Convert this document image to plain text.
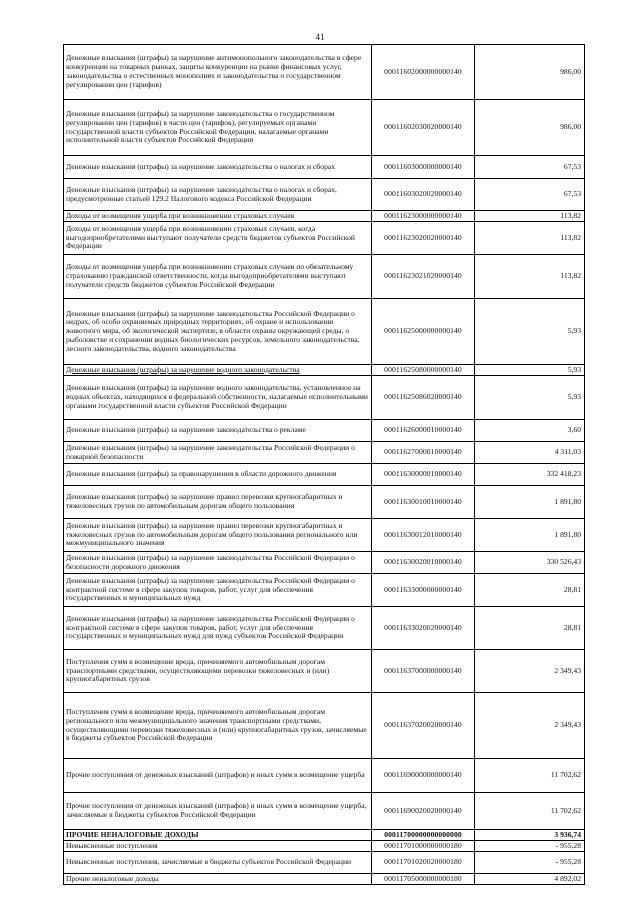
41
Денежные взыскания (штрафы) за нарушение антимонопольного законодательства в сфере конкуренции на товарных рынках, защиты конкуренции на рынке финансовых услуг, законодательства о естественных монополиях и законодательства о государственном регулировании цен (тарифов)	00011602000000000140	986,00
Денежные взыскания (штрафы) за нарушение законодательства о государственном регулировании цен (тарифов) в части цен (тарифов), регулируемых органами государственной власти субъектов Российской Федерации, налагаемые органами исполнительной власти субъектов Российской Федерации	00011602030020000140	986,00
Денежные взыскания (штрафы) за нарушение законодательства о налогах и сборах	00011603000000000140	67,53
Денежные взыскания (штрафы) за нарушение законодательства о налогах и сборах, предусмотренные статьей 129.2 Налогового кодекса Российской Федерации	00011603020020000140	67,53
Доходы от возмещения ущерба при возникновении страховых случаев	00011623000000000140	113,82
Доходы от возмещения ущерба при возникновении страховых случаев, когда выгодоприобретателями выступают получатели средств бюджетов субъектов Российской Федерации	00011623020020000140	113,82
Доходы от возмещения ущерба при возникновении страховых случаев по обязательному страхованию гражданской ответственности, когда выгодоприобретателями выступают получатели средств бюджетов субъектов Российской Федерации	00011623021020000140	113,82
Денежные взыскания (штрафы) за нарушение законодательства Российской Федерации о недрах, об особо охраняемых природных территориях, об охране и использовании животного мира, об экологической экспертизе, в области охраны окружающей среды, о рыболовстве и сохранении водных биологических ресурсов, земельного законодательства, лесного законодательства, водного законодательства	00011625000000000140	5,93
Денежные взыскания (штрафы) за нарушение водного законодательства	00011625080000000140	5,93
Денежные взыскания (штрафы) за нарушение водного законодательства, установленное на водных объектах, находящихся в федеральной собственности, налагаемые исполнительными органами государственной власти субъектов Российской Федерации	00011625086020000140	5,93
Денежные взыскания (штрафы) за нарушение законодательства о рекламе	00011626000010000140	3,60
Денежные взыскания (штрафы) за нарушение законодательства Российской Федерации о пожарной безопасности	00011627000010000140	4 311,03
Денежные взыскания (штрафы) за правонарушения в области дорожного движения	00011630000010000140	332 418,23
Денежные взыскания (штрафы) за нарушение правил перевозки крупногабаритных и тяжеловесных грузов по автомобильным дорогам общего пользования	00011630010010000140	1 891,80
Денежные взыскания (штрафы) за нарушение правил перевозки крупногабаритных и тяжеловесных грузов по автомобильным дорогам общего пользования регионального или межмуниципального значения	00011630012010000140	1 891,80
Денежные взыскания (штрафы) за нарушение законодательства Российской Федерации о безопасности дорожного движения	00011630020010000140	330 526,43
Денежные взыскания (штрафы) за нарушение законодательства Российской Федерации о контрактной системе в сфере закупок товаров, работ, услуг для обеспечения государственных и муниципальных нужд	00011633000000000140	28,81
Денежные взыскания (штрафы) за нарушение законодательства Российской Федерации о контрактной системе в сфере закупок товаров, работ, услуг для обеспечения государственных и муниципальных нужд для нужд субъектов Российской Федерации	00011633020020000140	28,81
Поступления сумм в возмещение вреда, причиняемого автомобильным дорогам транспортными средствами, осуществляющими перевозки тяжеловесных и (или) крупногабаритных грузов	00011637000000000140	2 349,43
Поступления сумм в возмещение вреда, причиняемого автомобильным дорогам регионального или межмуниципального значения транспортными средствами, осуществляющими перевозки тяжеловесных и (или) крупногабаритных грузов, зачисляемые в бюджеты субъектов Российской Федерации	00011637020020000140	2 349,43
Прочие поступления от денежных взысканий (штрафов) и иных сумм в возмещение ущерба	00011690000000000140	11 702,62
Прочие поступления от денежных взысканий (штрафов) и иных сумм в возмещение ущерба, зачисляемые в бюджеты субъектов Российской Федерации	00011690020020000140	11 702,62
ПРОЧИЕ НЕНАЛОГОВЫЕ ДОХОДЫ	00011700000000000000	3 936,74
Невыясненные поступления	00011701000000000180	- 955,28
Невыясненные поступления, зачисляемые в бюджеты субъектов Российской Федерации	00011701020020000180	- 955,28
Прочие неналоговые доходы	00011705000000000180	4 892,02
